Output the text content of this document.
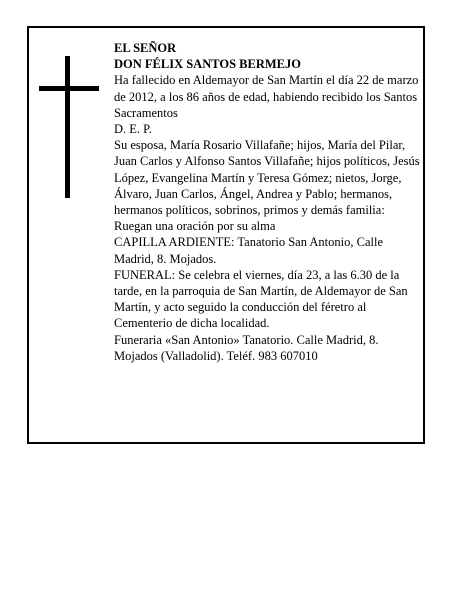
EL SEÑOR

DON FÉLIX SANTOS BERMEJO

Ha fallecido en Aldemayor de San Martín el día 22 de marzo de 2012, a los 86 años de edad, habiendo recibido los Santos Sacramentos

D. E. P.

Su esposa, María Rosario Villafañe; hijos, María del Pilar, Juan Carlos y Alfonso Santos Villafañe; hijos políticos, Jesús López, Evangelina Martín y Teresa Gómez; nietos, Jorge, Álvaro, Juan Carlos, Ángel, Andrea y Pablo; hermanos, hermanos políticos, sobrinos, primos y demás familia:

Ruegan una oración por su alma

CAPILLA ARDIENTE: Tanatorio San Antonio, Calle Madrid, 8. Mojados.

FUNERAL: Se celebra el viernes, día 23, a las 6.30 de la tarde, en la parroquia de San Martín, de Aldemayor de San Martín, y acto seguido la conducción del féretro al Cementerio de dicha localidad.

Funeraria «San Antonio» Tanatorio. Calle Madrid, 8. Mojados (Valladolid). Teléf. 983 607010
